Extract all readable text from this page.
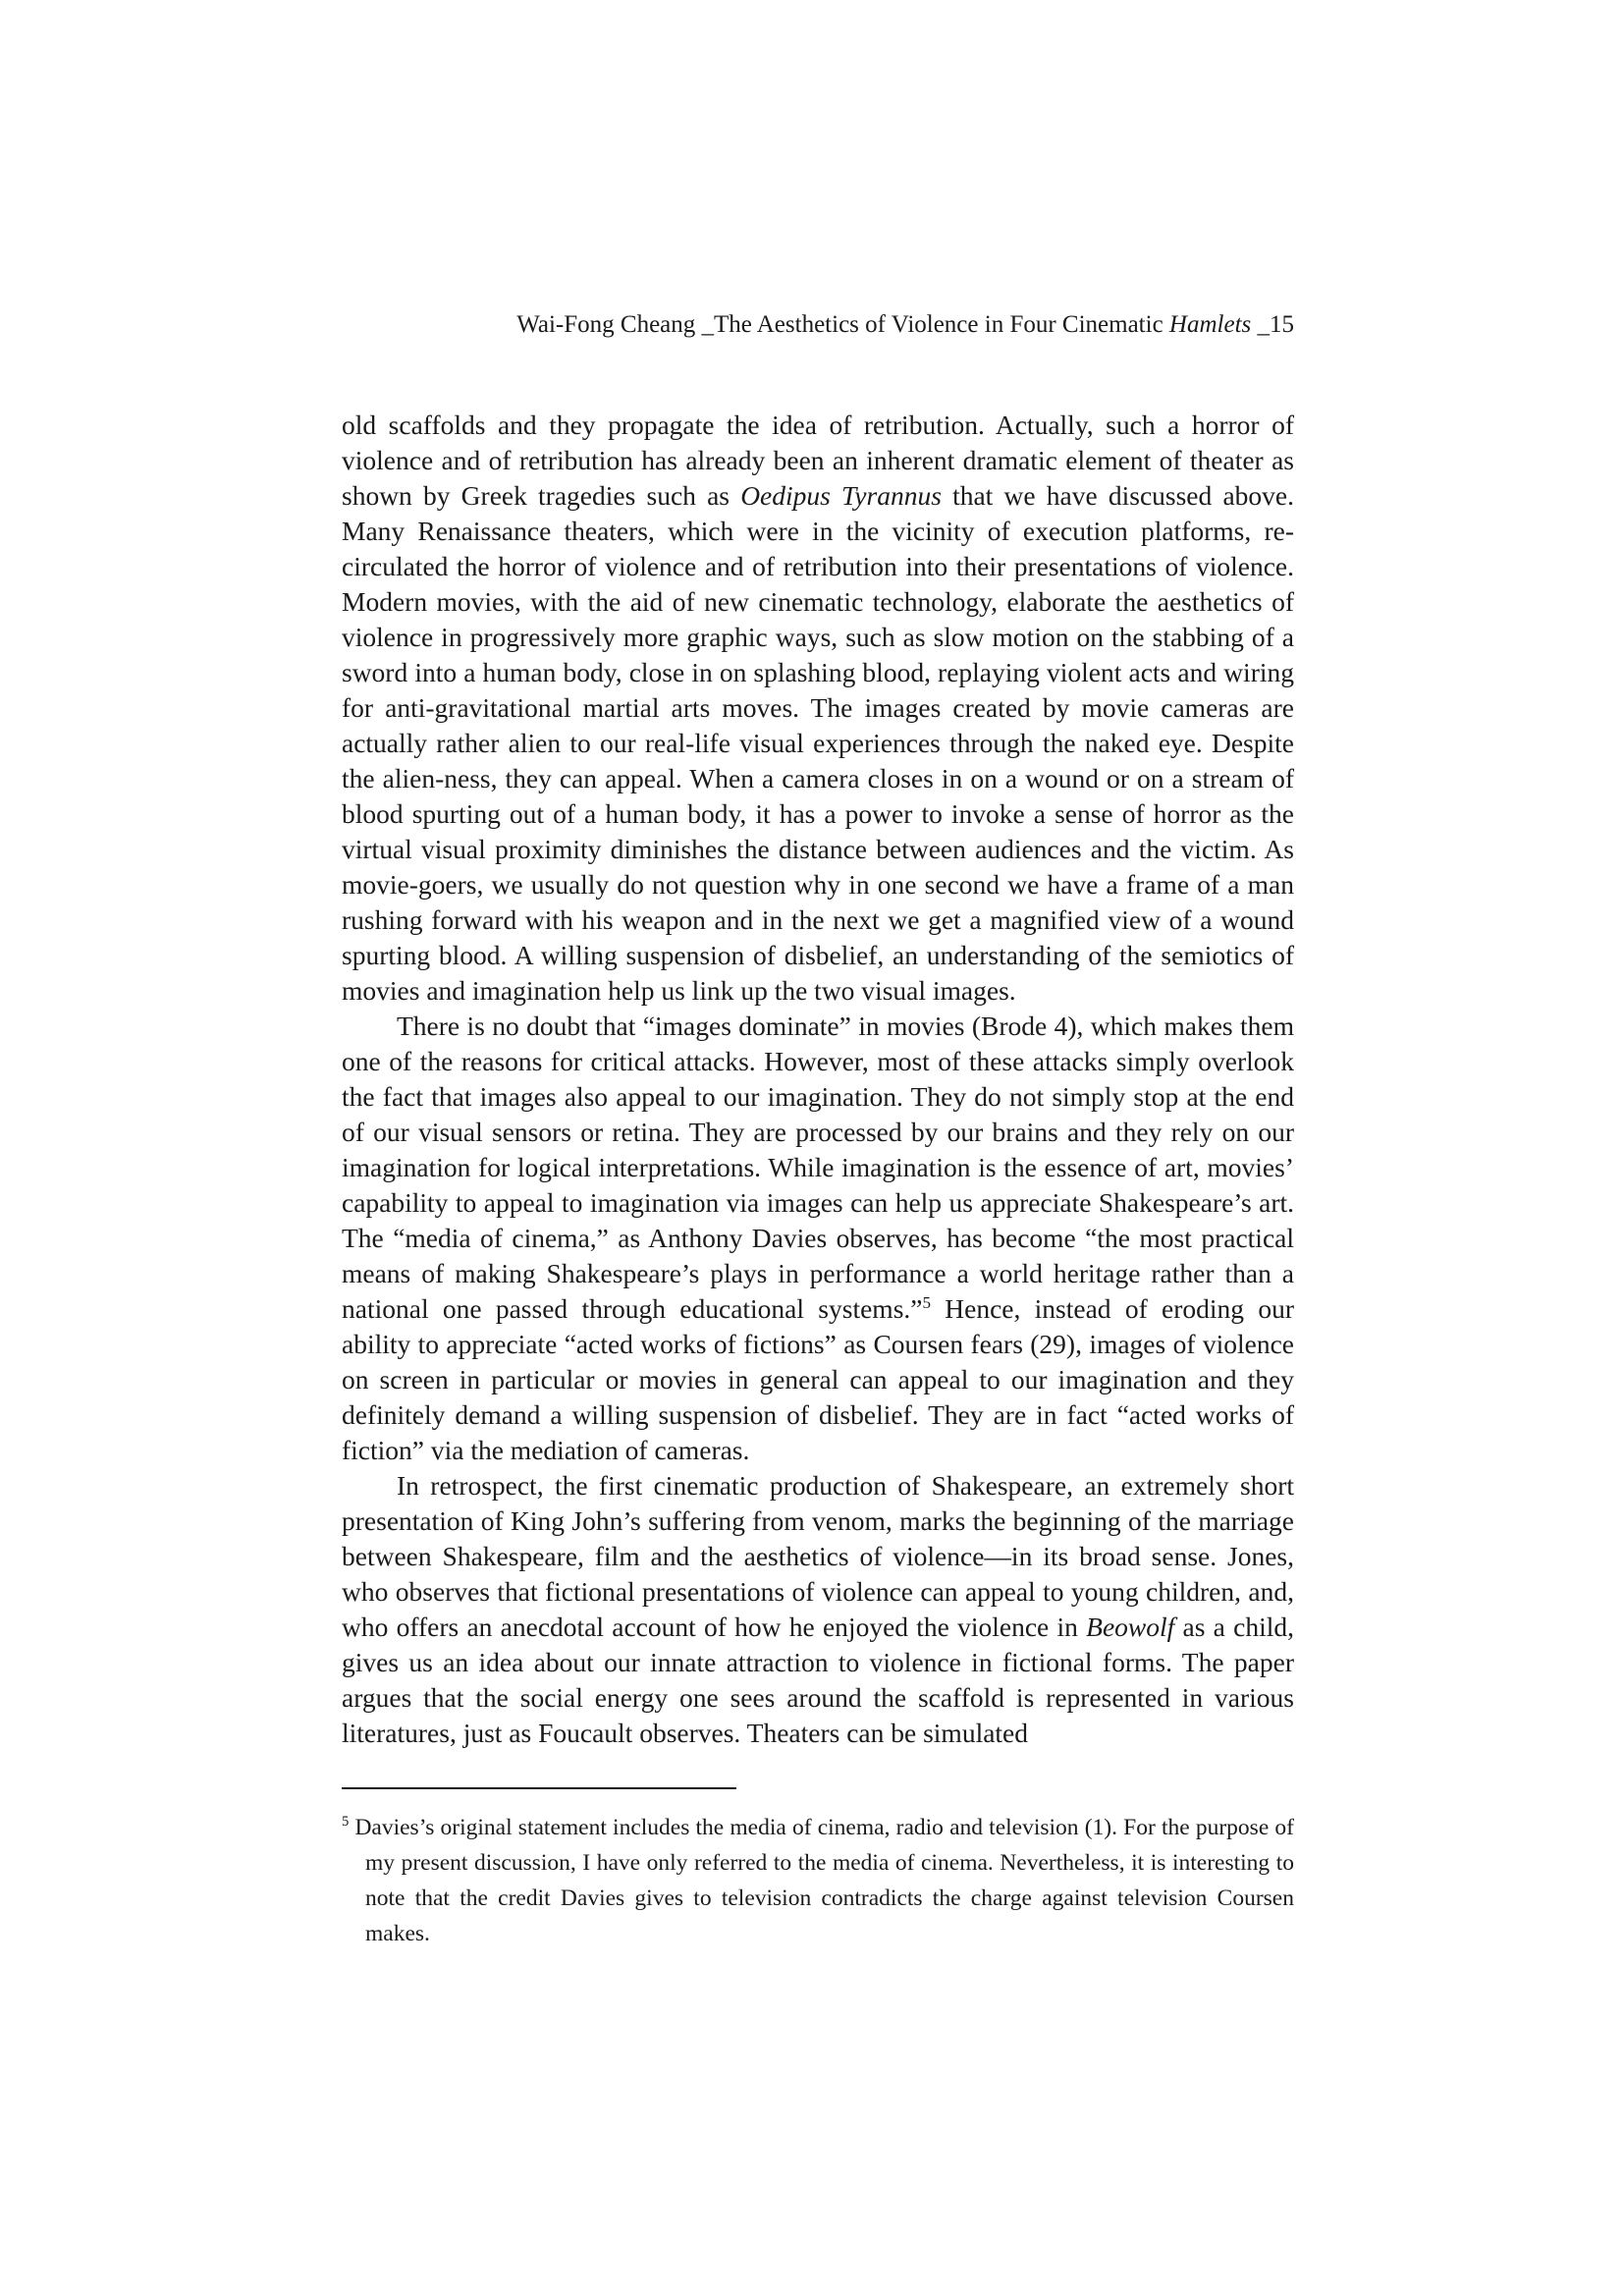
Wai-Fong Cheang _The Aesthetics of Violence in Four Cinematic Hamlets _15

old scaffolds and they propagate the idea of retribution. Actually, such a horror of violence and of retribution has already been an inherent dramatic element of theater as shown by Greek tragedies such as Oedipus Tyrannus that we have discussed above. Many Renaissance theaters, which were in the vicinity of execution platforms, re-circulated the horror of violence and of retribution into their presentations of violence. Modern movies, with the aid of new cinematic technology, elaborate the aesthetics of violence in progressively more graphic ways, such as slow motion on the stabbing of a sword into a human body, close in on splashing blood, replaying violent acts and wiring for anti-gravitational martial arts moves. The images created by movie cameras are actually rather alien to our real-life visual experiences through the naked eye. Despite the alien-ness, they can appeal. When a camera closes in on a wound or on a stream of blood spurting out of a human body, it has a power to invoke a sense of horror as the virtual visual proximity diminishes the distance between audiences and the victim. As movie-goers, we usually do not question why in one second we have a frame of a man rushing forward with his weapon and in the next we get a magnified view of a wound spurting blood. A willing suspension of disbelief, an understanding of the semiotics of movies and imagination help us link up the two visual images.

There is no doubt that “images dominate” in movies (Brode 4), which makes them one of the reasons for critical attacks. However, most of these attacks simply overlook the fact that images also appeal to our imagination. They do not simply stop at the end of our visual sensors or retina. They are processed by our brains and they rely on our imagination for logical interpretations. While imagination is the essence of art, movies’ capability to appeal to imagination via images can help us appreciate Shakespeare’s art. The “media of cinema,” as Anthony Davies observes, has become “the most practical means of making Shakespeare’s plays in performance a world heritage rather than a national one passed through educational systems.”$^5$ Hence, instead of eroding our ability to appreciate “acted works of fictions” as Coursen fears (29), images of violence on screen in particular or movies in general can appeal to our imagination and they definitely demand a willing suspension of disbelief. They are in fact “acted works of fiction” via the mediation of cameras.

In retrospect, the first cinematic production of Shakespeare, an extremely short presentation of King John’s suffering from venom, marks the beginning of the marriage between Shakespeare, film and the aesthetics of violence—in its broad sense. Jones, who observes that fictional presentations of violence can appeal to young children, and, who offers an anecdotal account of how he enjoyed the violence in Beowolf as a child, gives us an idea about our innate attraction to violence in fictional forms. The paper argues that the social energy one sees around the scaffold is represented in various literatures, just as Foucault observes. Theaters can be simulated

$^5$ Davies’s original statement includes the media of cinema, radio and television (1). For the purpose of my present discussion, I have only referred to the media of cinema. Nevertheless, it is interesting to note that the credit Davies gives to television contradicts the charge against television Coursen makes.
